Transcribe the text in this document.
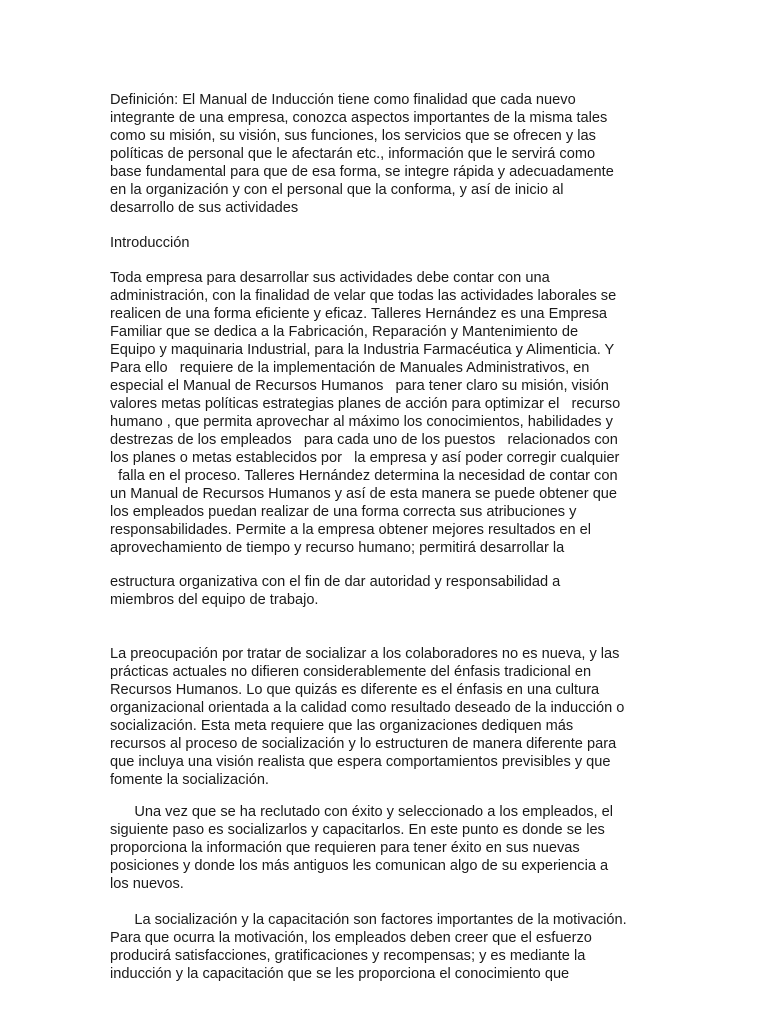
Definición: El Manual de Inducción tiene como finalidad que cada nuevo
integrante de una empresa, conozca aspectos importantes de la misma tales
como su misión, su visión, sus funciones, los servicios que se ofrecen y las
políticas de personal que le afectarán etc., información que le servirá como
base fundamental para que de esa forma, se integre rápida y adecuadamente
en la organización y con el personal que la conforma, y así de inicio al
desarrollo de sus actividades

Introducción

Toda empresa para desarrollar sus actividades debe contar con una
administración, con la finalidad de velar que todas las actividades laborales se
realicen de una forma eficiente y eficaz. Talleres Hernández es una Empresa
Familiar que se dedica a la Fabricación, Reparación y Mantenimiento de
Equipo y maquinaria Industrial, para la Industria Farmacéutica y Alimenticia. Y
Para ello   requiere de la implementación de Manuales Administrativos, en
especial el Manual de Recursos Humanos   para tener claro su misión, visión
valores metas políticas estrategias planes de acción para optimizar el   recurso
humano , que permita aprovechar al máximo los conocimientos, habilidades y
destrezas de los empleados   para cada uno de los puestos   relacionados con
los planes o metas establecidos por   la empresa y así poder corregir cualquier
falla en el proceso. Talleres Hernández determina la necesidad de contar con
un Manual de Recursos Humanos y así de esta manera se puede obtener que
los empleados puedan realizar de una forma correcta sus atribuciones y
responsabilidades. Permite a la empresa obtener mejores resultados en el
aprovechamiento de tiempo y recurso humano; permitirá desarrollar la

estructura organizativa con el fin de dar autoridad y responsabilidad a
miembros del equipo de trabajo.

La preocupación por tratar de socializar a los colaboradores no es nueva, y las
prácticas actuales no difieren considerablemente del énfasis tradicional en
Recursos Humanos. Lo que quizás es diferente es el énfasis en una cultura
organizacional orientada a la calidad como resultado deseado de la inducción o
socialización. Esta meta requiere que las organizaciones dediquen más
recursos al proceso de socialización y lo estructuren de manera diferente para
que incluya una visión realista que espera comportamientos previsibles y que
fomente la socialización.

Una vez que se ha reclutado con éxito y seleccionado a los empleados, el
siguiente paso es socializarlos y capacitarlos. En este punto es donde se les
proporciona la información que requieren para tener éxito en sus nuevas
posiciones y donde los más antiguos les comunican algo de su experiencia a
los nuevos.

La socialización y la capacitación son factores importantes de la motivación.
Para que ocurra la motivación, los empleados deben creer que el esfuerzo
producirá satisfacciones, gratificaciones y recompensas; y es mediante la
inducción y la capacitación que se les proporciona el conocimiento que
